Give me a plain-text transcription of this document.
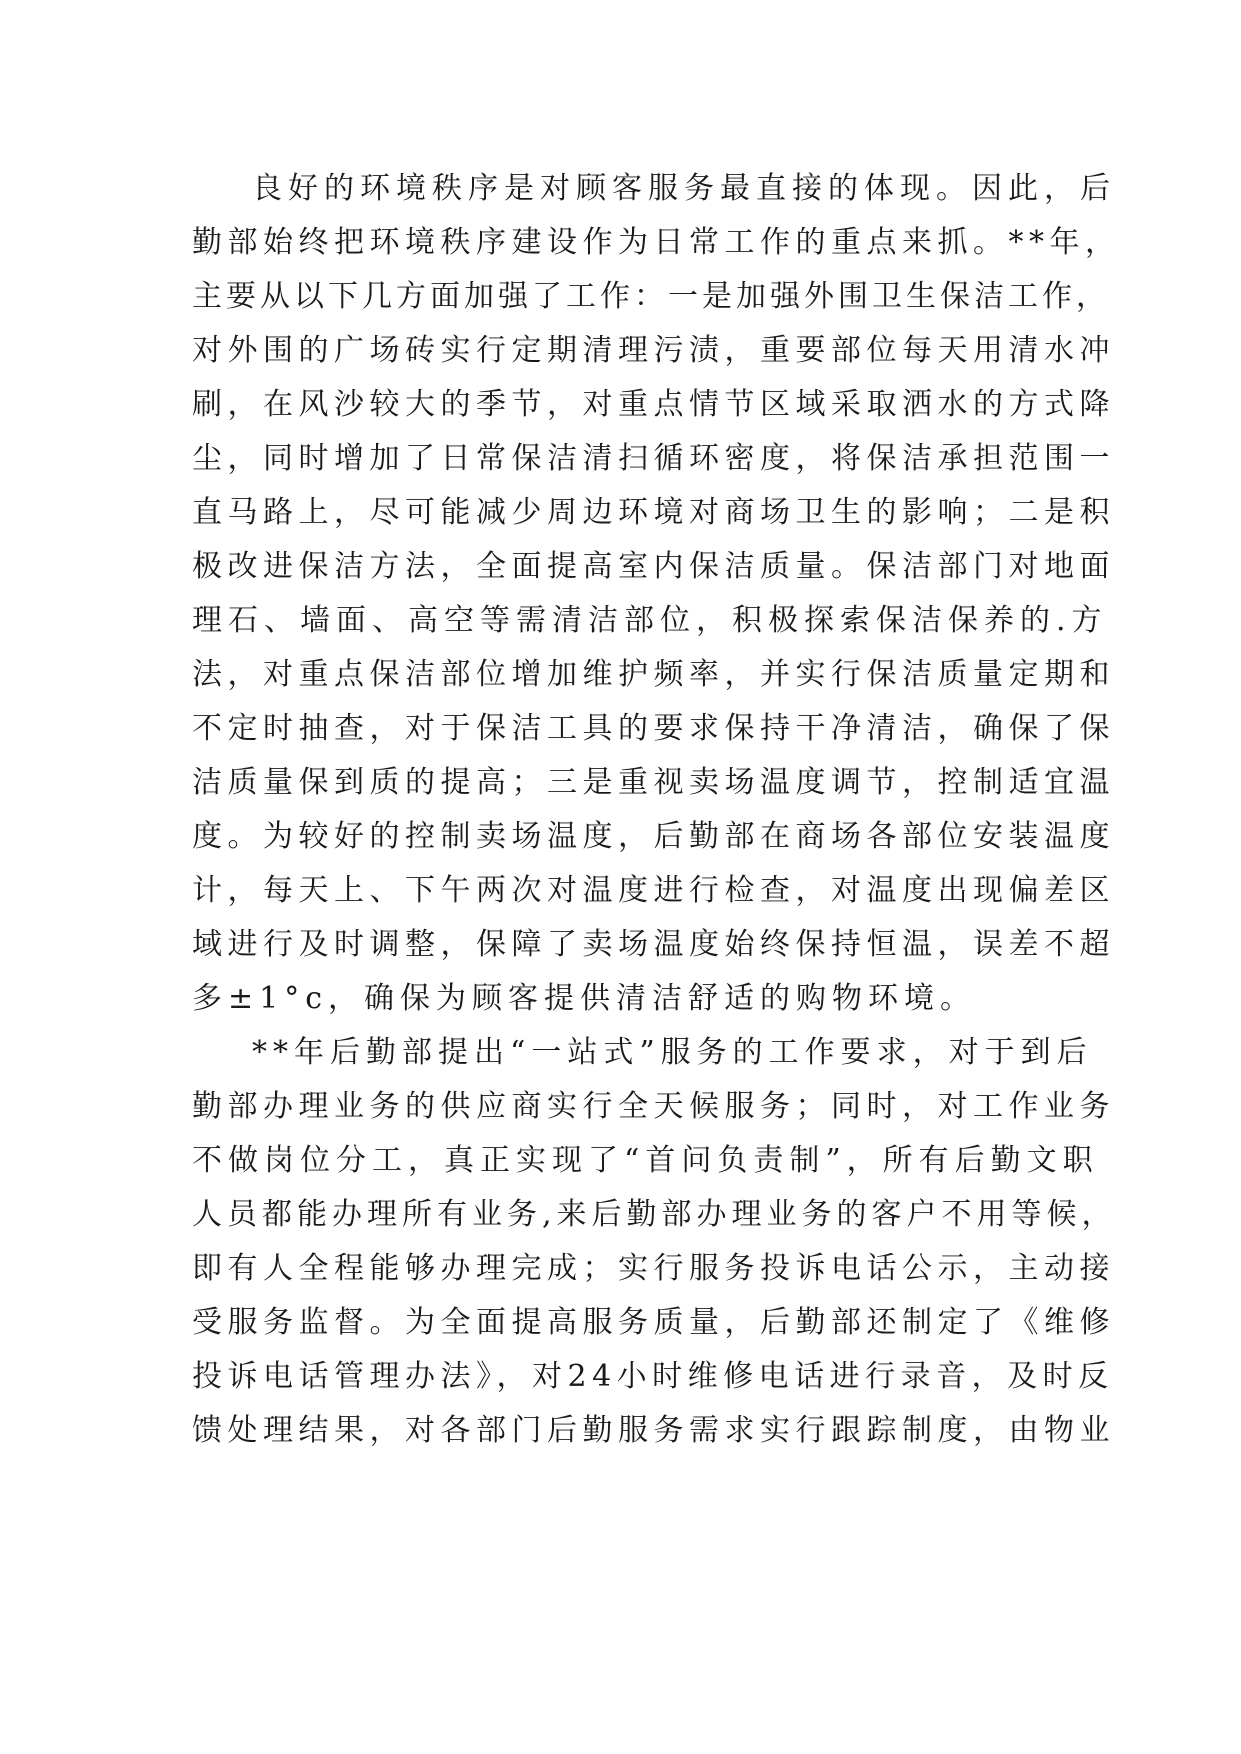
良好的环境秩序是对顾客服务最直接的体现。因此，后
勤部始终把环境秩序建设作为日常工作的重点来抓。**年，
主要从以下几方面加强了工作：一是加强外围卫生保洁工作，
对外围的广场砖实行定期清理污渍，重要部位每天用清水冲
刷，在风沙较大的季节，对重点情节区域采取洒水的方式降
尘，同时增加了日常保洁清扫循环密度，将保洁承担范围一
直马路上，尽可能减少周边环境对商场卫生的影响；二是积
极改进保洁方法，全面提高室内保洁质量。保洁部门对地面
理石、墙面、高空等需清洁部位，积极探索保洁保养的.方
法，对重点保洁部位增加维护频率，并实行保洁质量定期和
不定时抽查，对于保洁工具的要求保持干净清洁，确保了保
洁质量保到质的提高；三是重视卖场温度调节，控制适宜温
度。为较好的控制卖场温度，后勤部在商场各部位安装温度
计，每天上、下午两次对温度进行检查，对温度出现偏差区
域进行及时调整，保障了卖场温度始终保持恒温，误差不超
多±1°c，确保为顾客提供清洁舒适的购物环境。
**年后勤部提出“一站式”服务的工作要求，对于到后
勤部办理业务的供应商实行全天候服务；同时，对工作业务
不做岗位分工，真正实现了“首问负责制”，所有后勤文职
人员都能办理所有业务,来后勤部办理业务的客户不用等候，
即有人全程能够办理完成；实行服务投诉电话公示，主动接
受服务监督。为全面提高服务质量，后勤部还制定了《维修
投诉电话管理办法》，对24小时维修电话进行录音，及时反
馈处理结果，对各部门后勤服务需求实行跟踪制度，由物业
